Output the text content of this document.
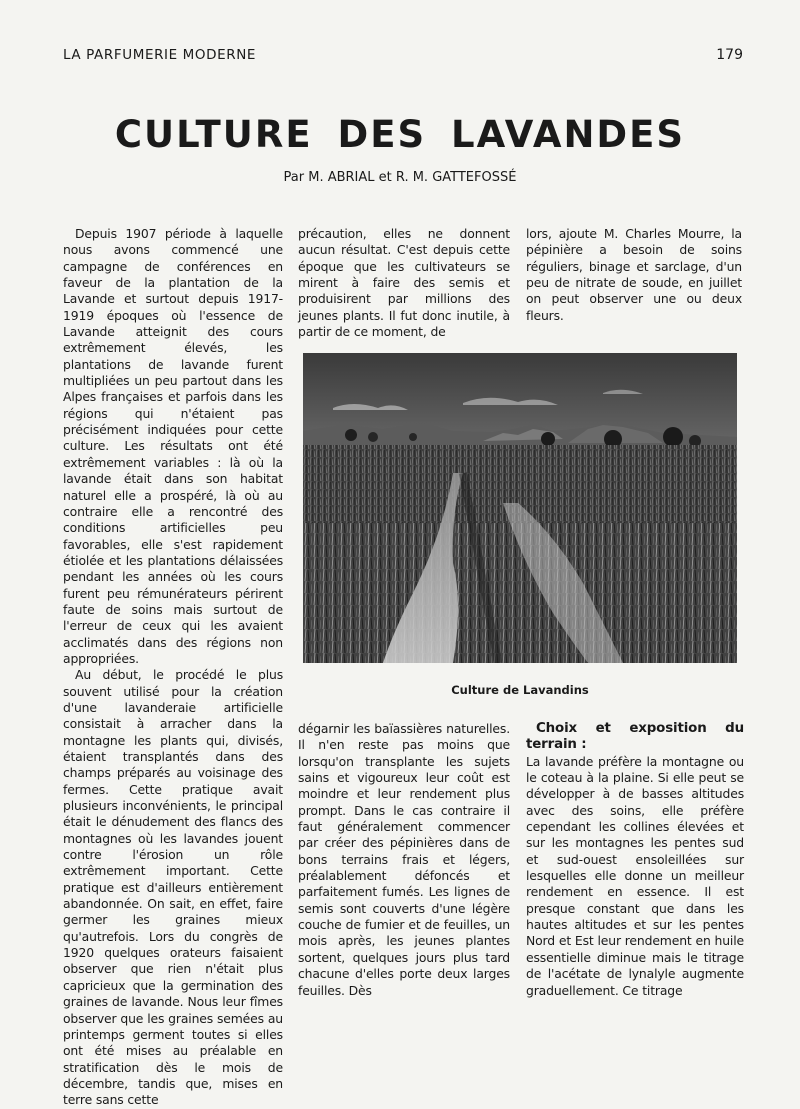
LA PARFUMERIE MODERNE	179
CULTURE DES LAVANDES
Par M. ABRIAL et R. M. GATTEFOSSÉ

Depuis 1907 période à laquelle nous avons commencé une campagne de conférences en faveur de la plantation de la Lavande et surtout depuis 1917-1919 époques où l'essence de Lavande atteignit des cours extrêmement élevés, les plantations de lavande furent multipliées un peu partout dans les Alpes françaises et parfois dans les régions qui n'étaient pas précisément indiquées pour cette culture. Les résultats ont été extrêmement variables : là où la lavande était dans son habitat naturel elle a prospéré, là où au contraire elle a rencontré des conditions artificielles peu favorables, elle s'est rapidement étiolée et les plantations délaissées pendant les années où les cours furent peu rémunérateurs périrent faute de soins mais surtout de l'erreur de ceux qui les avaient acclimatés dans des régions non appropriées.

Au début, le procédé le plus souvent utilisé pour la création d'une lavanderaie artificielle consistait à arracher dans la montagne les plants qui, divisés, étaient transplantés dans des champs préparés au voisinage des fermes. Cette pratique avait plusieurs inconvénients, le principal était le dénudement des flancs des montagnes où les lavandes jouent contre l'érosion un rôle extrêmement important. Cette pratique est d'ailleurs entièrement abandonnée. On sait, en effet, faire germer les graines mieux qu'autrefois. Lors du congrès de 1920 quelques orateurs faisaient observer que rien n'était plus capricieux que la germination des graines de lavande. Nous leur fîmes observer que les graines semées au printemps germent toutes si elles ont été mises au préalable en stratification dès le mois de décembre, tandis que, mises en terre sans cette

précaution, elles ne donnent aucun résultat. C'est depuis cette époque que les cultivateurs se mirent à faire des semis et produisirent par millions des jeunes plants. Il fut donc inutile, à partir de ce moment, de

lors, ajoute M. Charles Mourre, la pépinière a besoin de soins réguliers, binage et sarclage, d'un peu de nitrate de soude, en juillet on peut observer une ou deux fleurs.

Culture de Lavandins

dégarnir les baïassières naturelles. Il n'en reste pas moins que lorsqu'on transplante les sujets sains et vigoureux leur coût est moindre et leur rendement plus prompt. Dans le cas contraire il faut généralement commencer par créer des pépinières dans de bons terrains frais et légers, préalablement défoncés et parfaitement fumés. Les lignes de semis sont couverts d'une légère couche de fumier et de feuilles, un mois après, les jeunes plantes sortent, quelques jours plus tard chacune d'elles porte deux larges feuilles. Dès

Choix et exposition du terrain :

La lavande préfère la montagne ou le coteau à la plaine. Si elle peut se développer à de basses altitudes avec des soins, elle préfère cependant les collines élevées et sur les montagnes les pentes sud et sud-ouest ensoleillées sur lesquelles elle donne un meilleur rendement en essence. Il est presque constant que dans les hautes altitudes et sur les pentes Nord et Est leur rendement en huile essentielle diminue mais le titrage de l'acétate de lynalyle augmente graduellement. Ce titrage
